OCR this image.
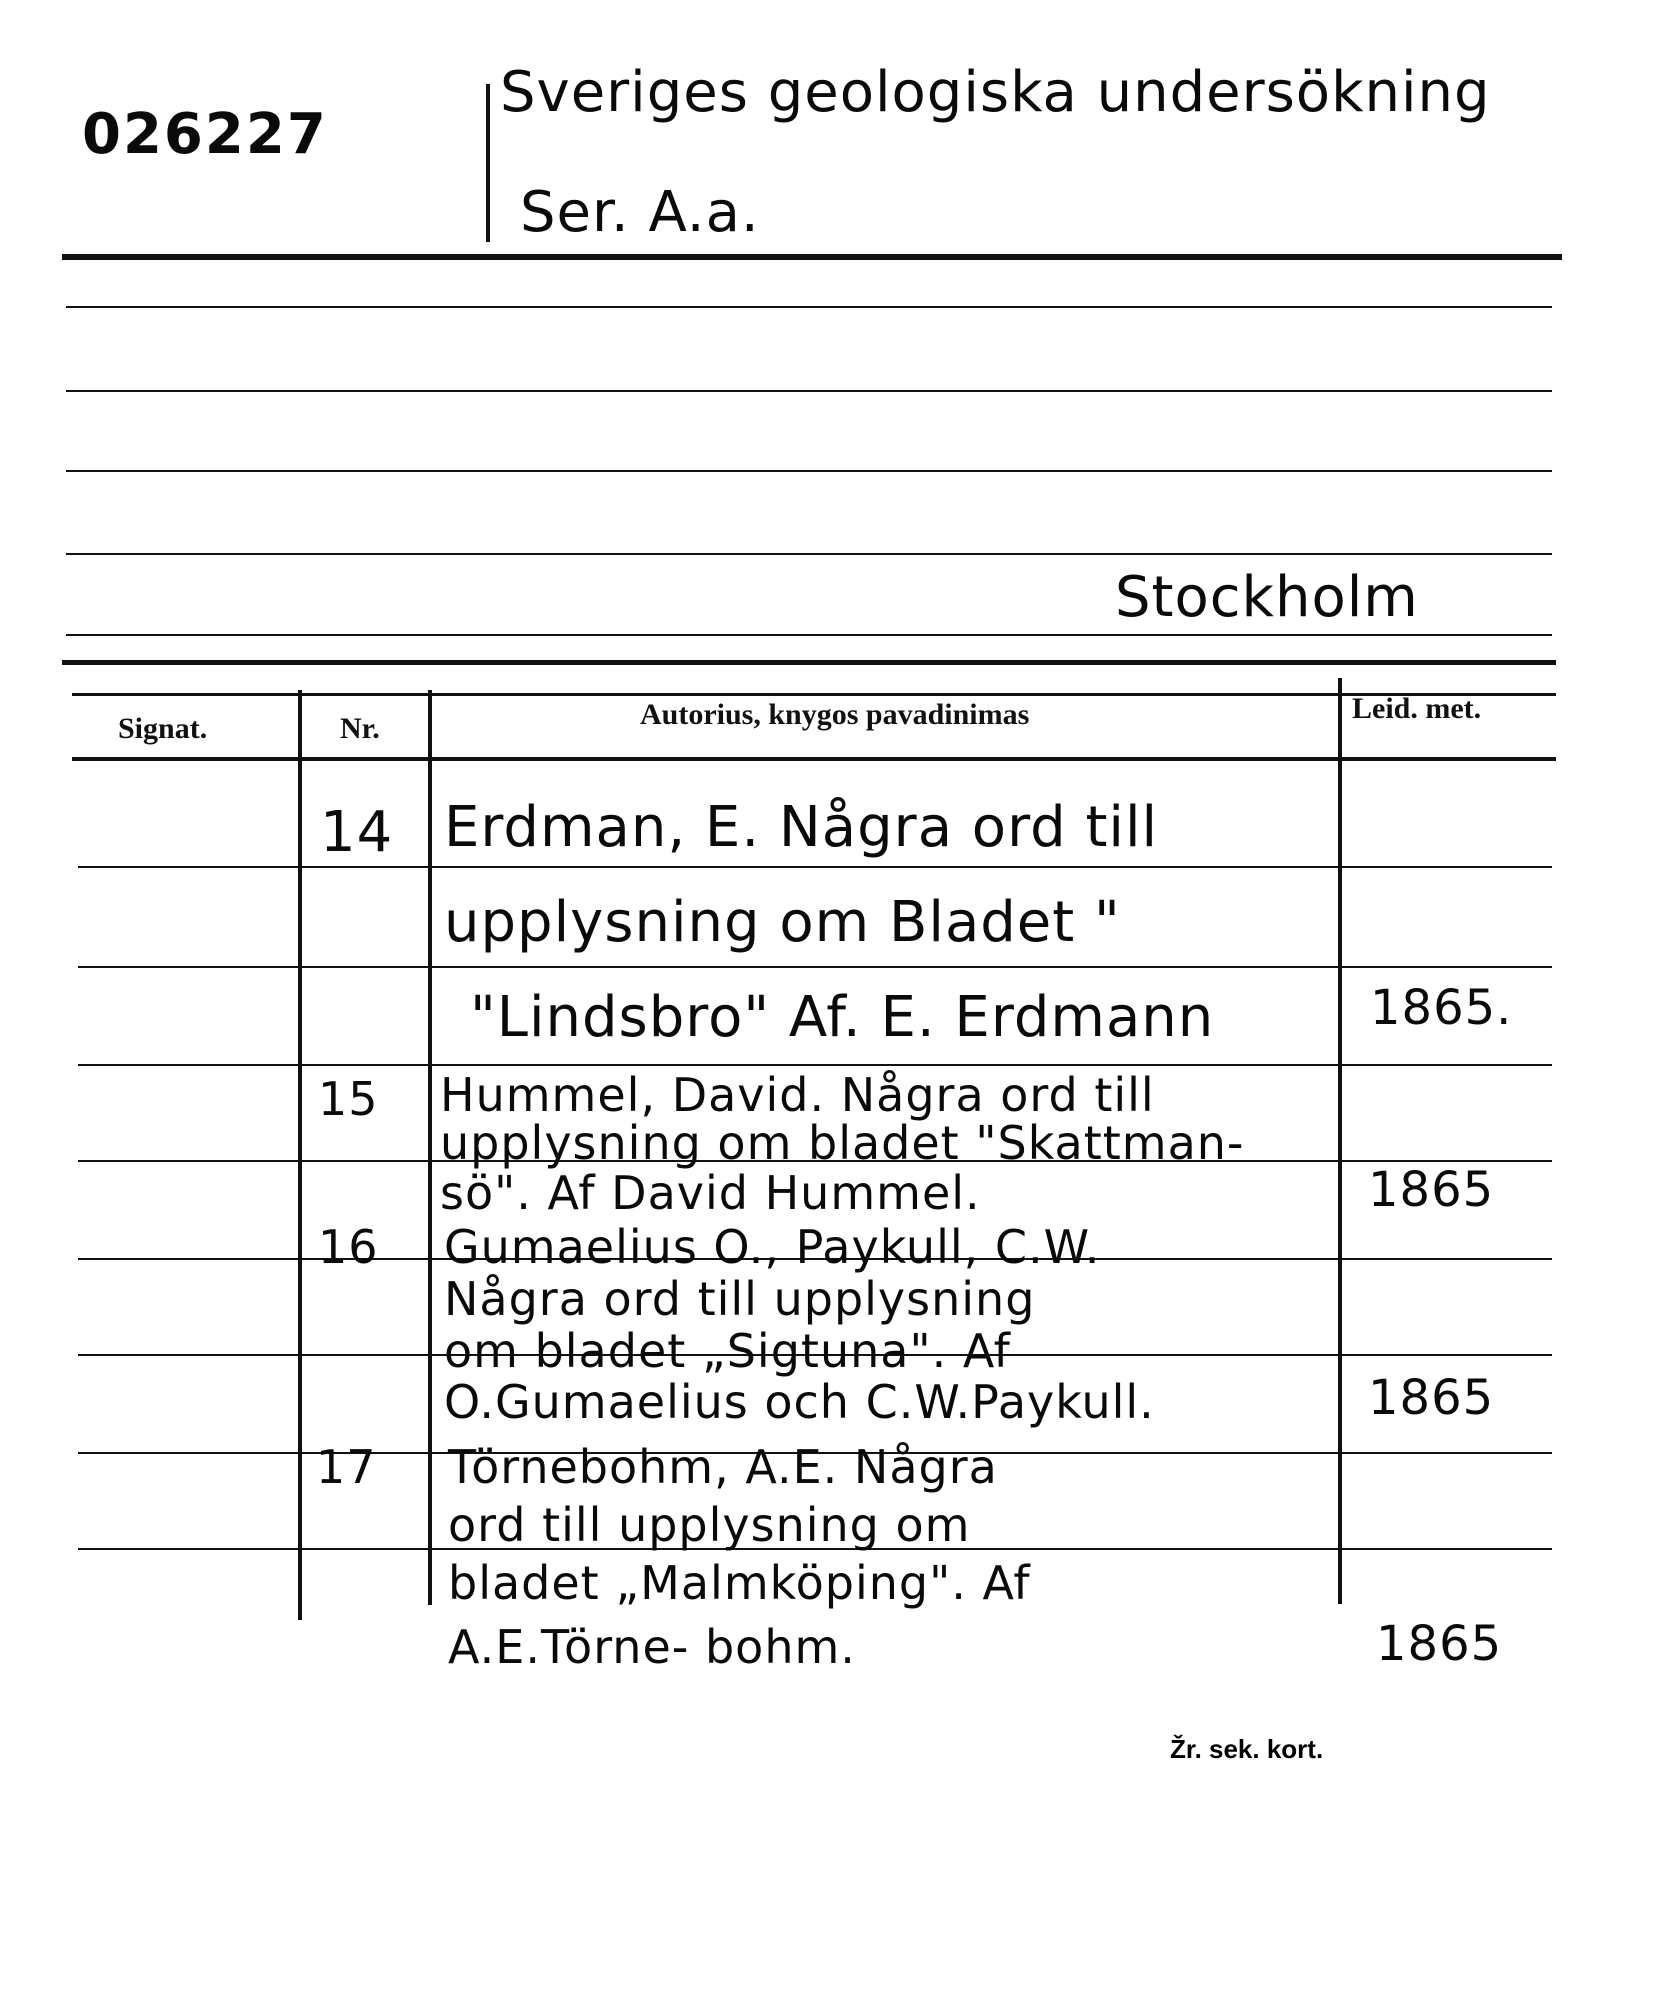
026227
Sveriges geologiska undersökning
Ser. A.a.
Stockholm
Signat.	Nr.	Autorius, knygos pavadinimas	Leid. met.
14 Erdman, E. Några ord till
upplysning om Bladet "
"Lindsbro" Af. E. Erdmann	1865.
15 Hummel, David. Några ord till
upplysning om bladet "Skattman-
sö". Af David Hummel.	1865
16 Gumaelius O., Paykull, C.W.
Några ord till upplysning
om bladet „Sigtuna". Af
O.Gumaelius och C.W.Paykull.	1865
17 Törnebohm, A.E. Några
ord till upplysning om
bladet „Malmköping". Af
A.E.Törne- bohm.	1865
Žr. sek. kort.
